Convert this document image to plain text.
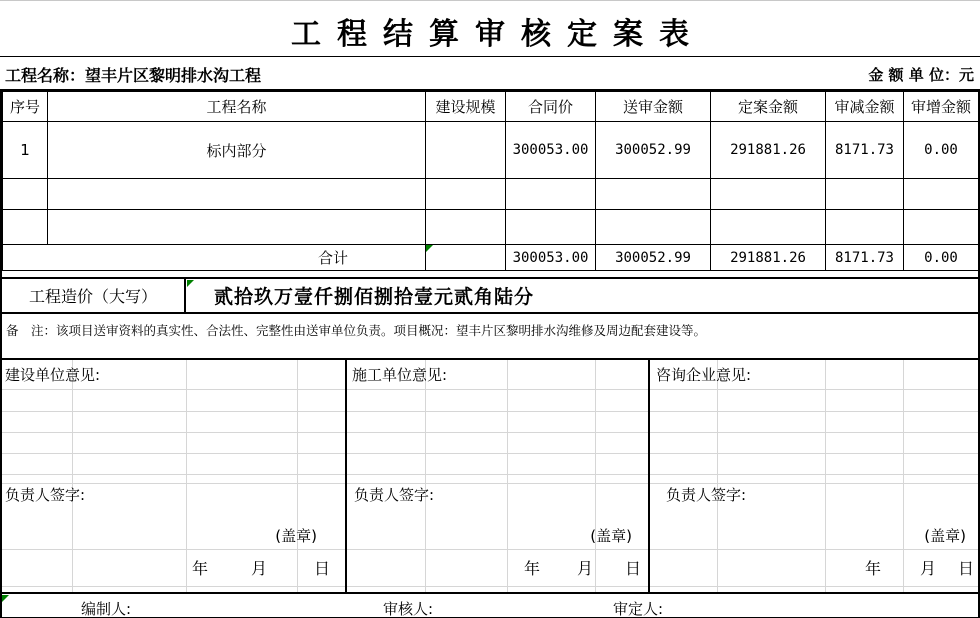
工程结算审核定案表
工程名称：望丰片区黎明排水沟工程	金 额 单 位：元
序号	工程名称	建设规模	合同价	送审金额	定案金额	审减金额	审增金额
1	标内部分		300053.00	300052.99	291881.26	8171.73	0.00

合计			300053.00	300052.99	291881.26	8171.73	0.00
工程造价（大写）	贰拾玖万壹仟捌佰捌拾壹元贰角陆分
备　注：该项目送审资料的真实性、合法性、完整性由送审单位负责。项目概况：望丰片区黎明排水沟维修及周边配套建设等。
建设单位意见:
负责人签字:
(盖章)
年	月	日
施工单位意见:
负责人签字:
(盖章)
年 月 日
咨询企业意见:
负责人签字:
(盖章)
年 月 日
编制人:	审核人:	审定人:
